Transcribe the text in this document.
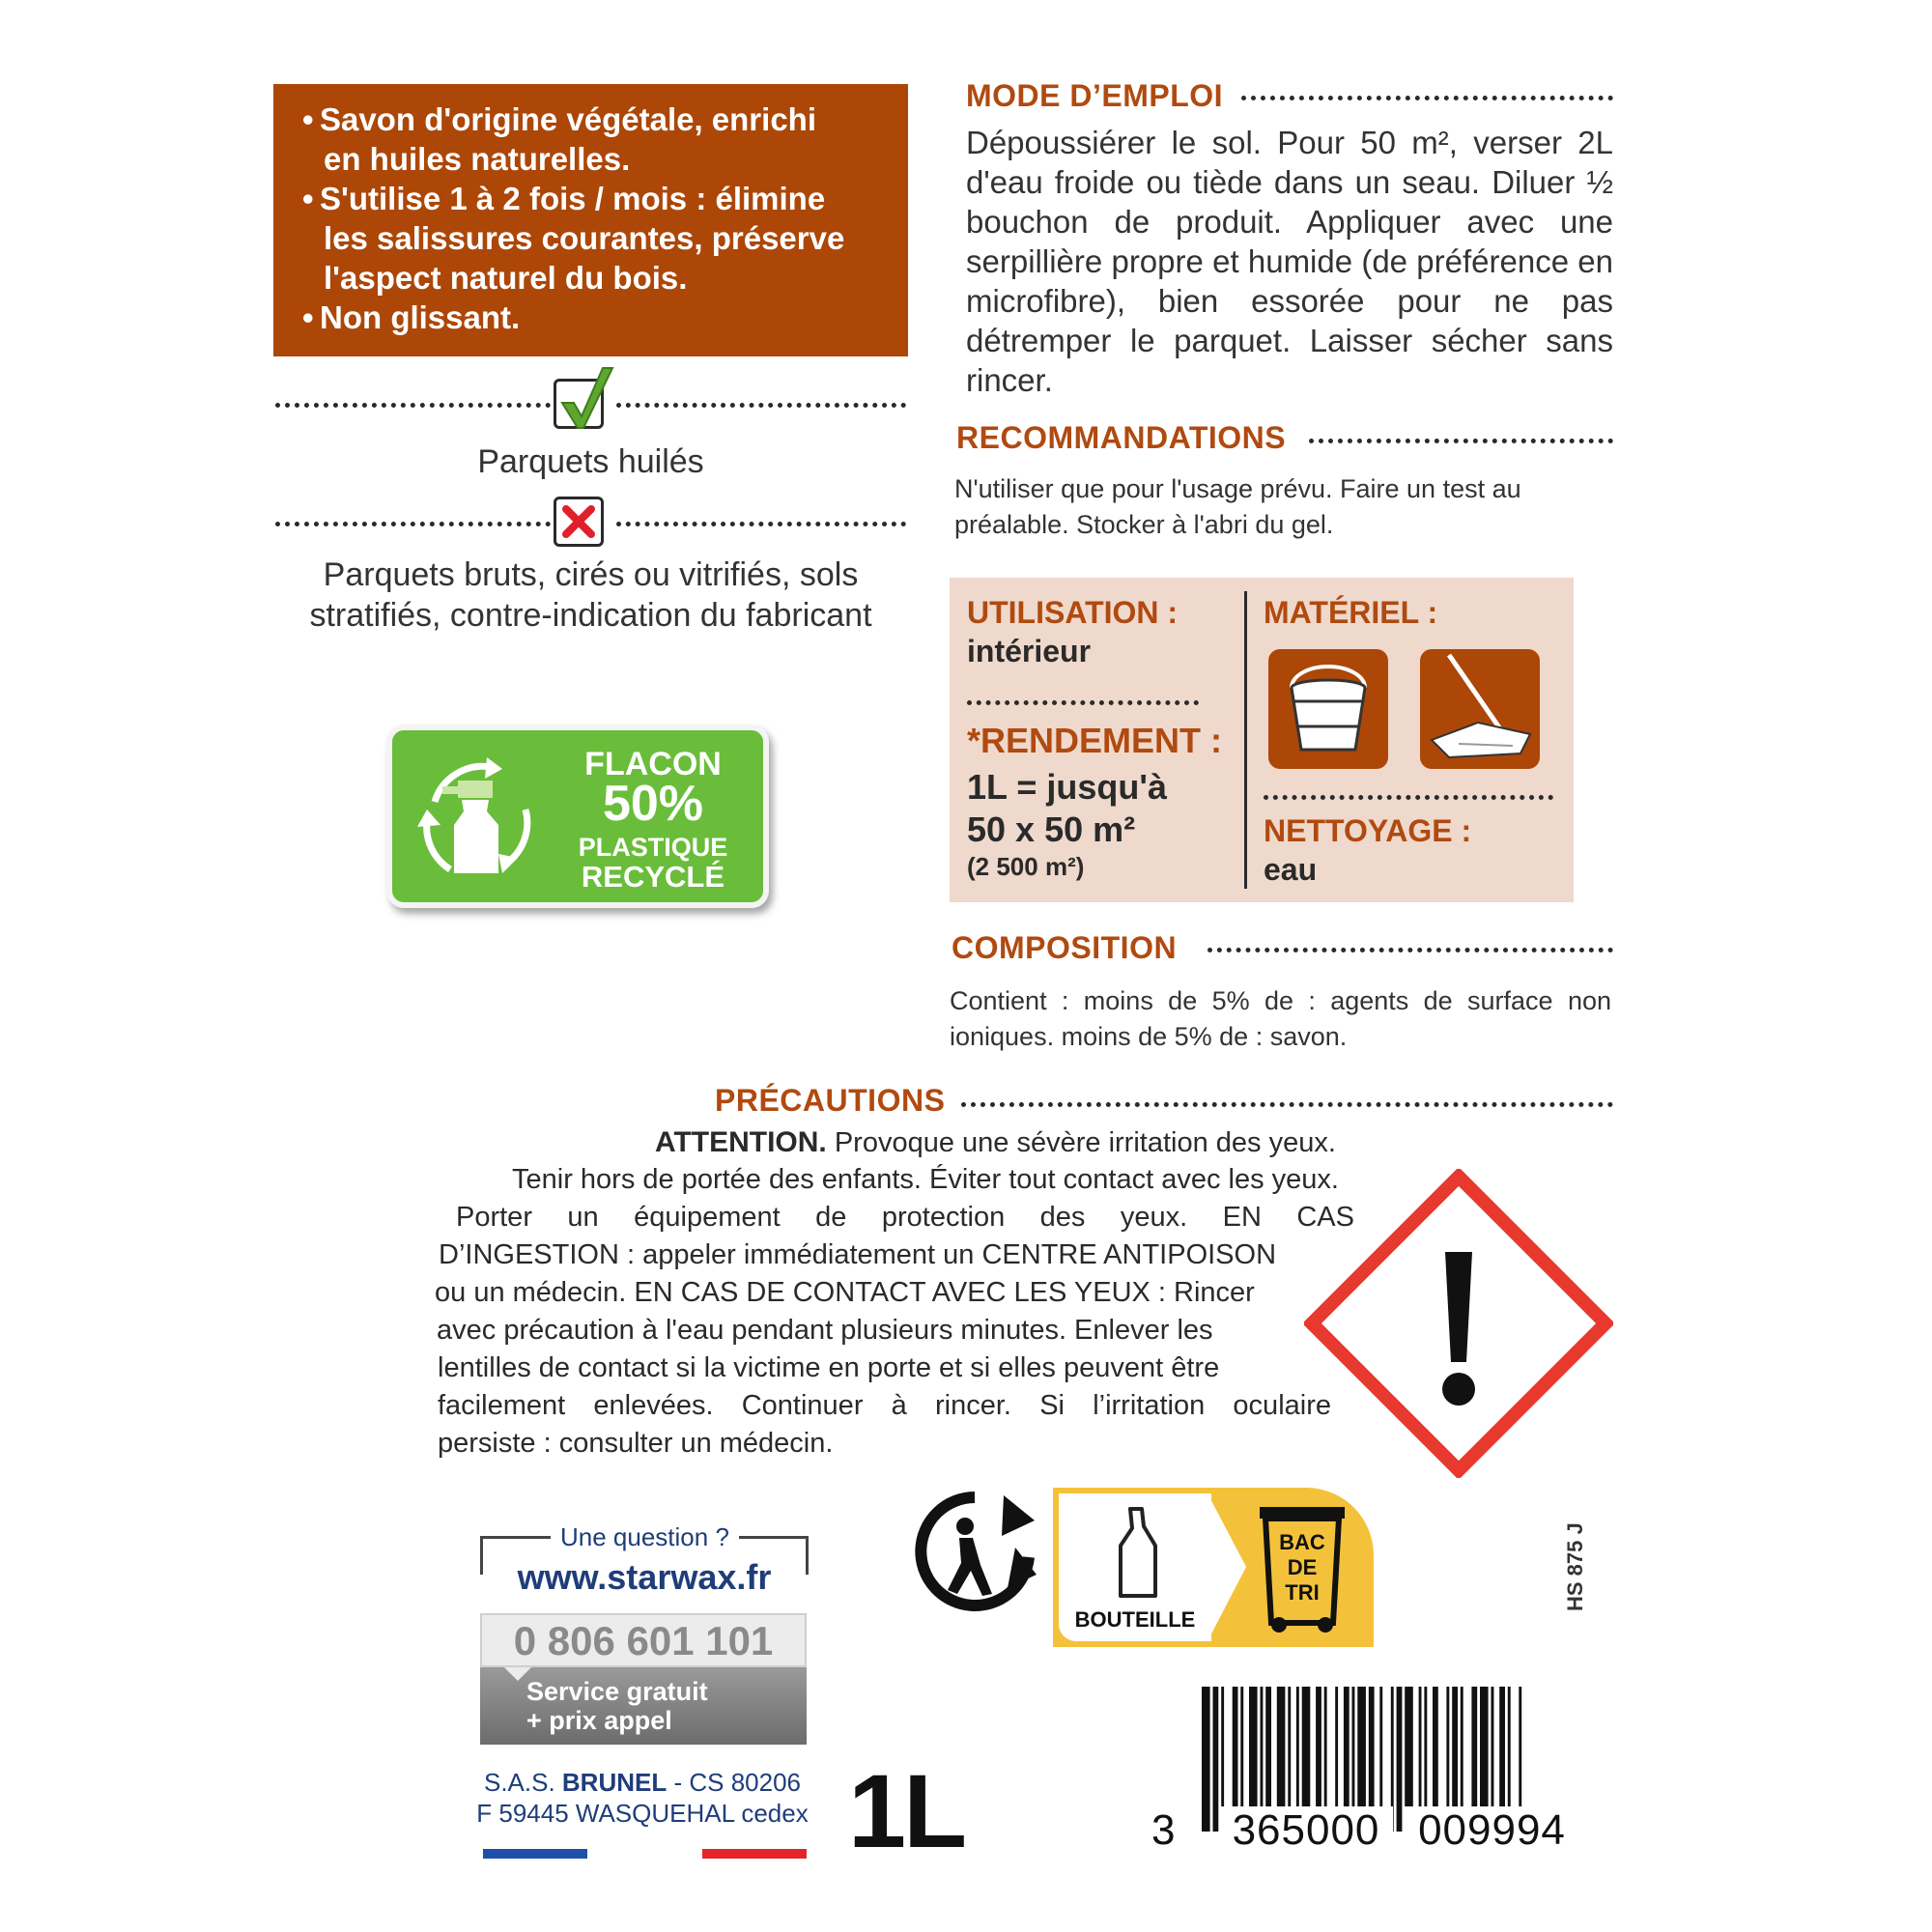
• Savon d'origine végétale, enrichi
en huiles naturelles.
• S'utilise 1 à 2 fois / mois : élimine
les salissures courantes, préserve
l'aspect naturel du bois.
• Non glissant.
Parquets huilés
Parquets bruts, cirés ou vitrifiés, sols
stratifiés, contre-indication du fabricant
FLACON
50%
PLASTIQUE
RECYCLÉ
MODE D’EMPLOI
Dépoussiérer le sol. Pour 50 m², verser 2L d'eau froide ou tiède dans un seau. Diluer ½ bouchon de produit. Appliquer avec une serpillière propre et humide (de préférence en microfibre), bien essorée pour ne pas détremper le parquet. Laisser sécher sans rincer.
RECOMMANDATIONS
N'utiliser que pour l'usage prévu. Faire un test au préalable. Stocker à l'abri du gel.
UTILISATION :
intérieur
*RENDEMENT :
1L = jusqu'à
50 x 50 m²
(2 500 m²)
MATÉRIEL :
NETTOYAGE :
eau
COMPOSITION
Contient : moins de 5% de : agents de surface non ioniques. moins de 5% de : savon.
PRÉCAUTIONS
ATTENTION. Provoque une sévère irritation des yeux.
Tenir hors de portée des enfants. Éviter tout contact avec les yeux.
Porter un équipement de protection des yeux. EN CAS
D’INGESTION : appeler immédiatement un CENTRE ANTIPOISON
ou un médecin. EN CAS DE CONTACT AVEC LES YEUX : Rincer
avec précaution à l'eau pendant plusieurs minutes. Enlever les
lentilles de contact si la victime en porte et si elles peuvent être
facilement enlevées. Continuer à rincer. Si l’irritation oculaire
persiste : consulter un médecin.
Une question ?
www.starwax.fr
0 806 601 101
Service gratuit
+ prix appel
S.A.S. BRUNEL - CS 80206
F 59445 WASQUEHAL cedex 1L
BOUTEILLE
BAC
DE
TRI	HS 875 J
3	365000 009994
